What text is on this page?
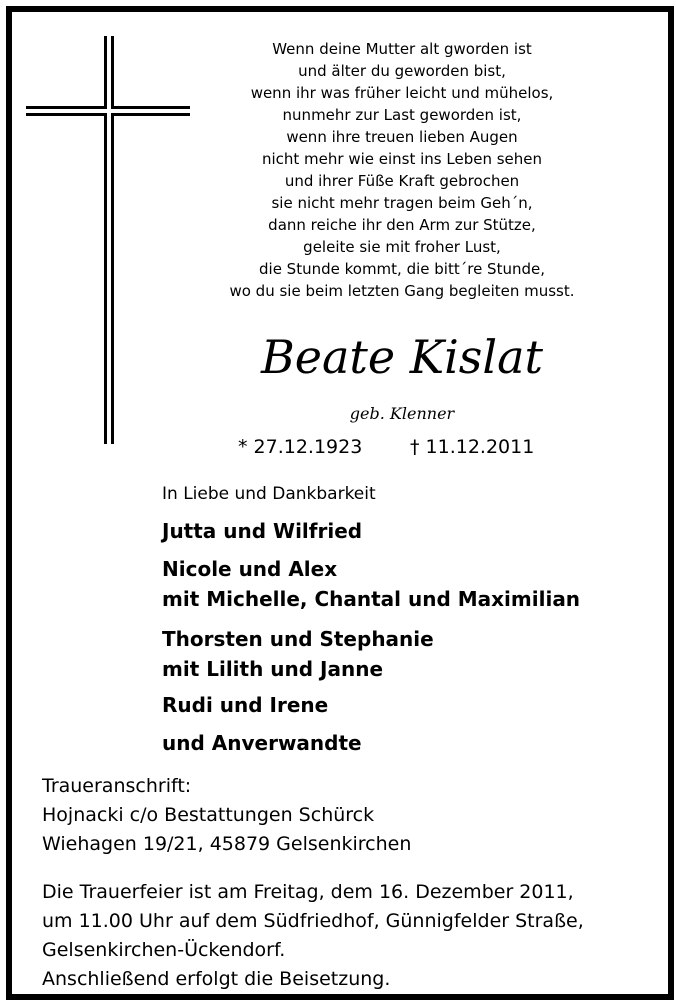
Wenn deine Mutter alt gworden ist
und älter du geworden bist,
wenn ihr was früher leicht und mühelos,
nunmehr zur Last geworden ist,
wenn ihre treuen lieben Augen
nicht mehr wie einst ins Leben sehen
und ihrer Füße Kraft gebrochen
sie nicht mehr tragen beim Geh´n,
dann reiche ihr den Arm zur Stütze,
geleite sie mit froher Lust,
die Stunde kommt, die bitt´re Stunde,
wo du sie beim letzten Gang begleiten musst.
Beate Kislat
geb. Klenner
* 27.12.1923	† 11.12.2011
In Liebe und Dankbarkeit
Jutta und Wilfried
Nicole und Alex
mit Michelle, Chantal und Maximilian
Thorsten und Stephanie
mit Lilith und Janne
Rudi und Irene
und Anverwandte
Traueranschrift:
Hojnacki c/o Bestattungen Schürck
Wiehagen 19/21, 45879 Gelsenkirchen
Die Trauerfeier ist am Freitag, dem 16. Dezember 2011,
um 11.00 Uhr auf dem Südfriedhof, Günnigfelder Straße,
Gelsenkirchen-Ückendorf.
Anschließend erfolgt die Beisetzung.
